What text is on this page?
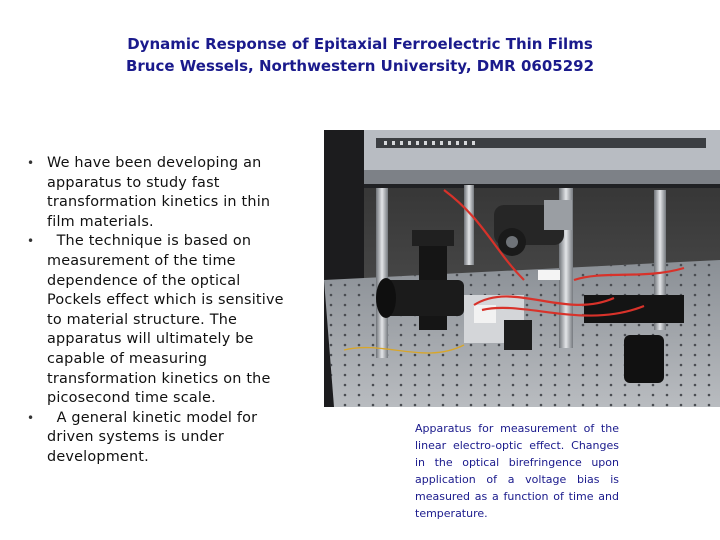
Dynamic Response of Epitaxial Ferroelectric Thin Films
Bruce Wessels, Northwestern University, DMR 0605292
• We have been developing an apparatus to study fast transformation kinetics in thin film materials.
• The technique is based on measurement of the time dependence of the optical Pockels effect which is sensitive to material structure. The apparatus will ultimately be capable of measuring transformation kinetics on the picosecond time scale.
• A general kinetic model for driven systems is under development.

Apparatus for measurement of the linear electro-optic effect. Changes in the optical birefringence upon application of a voltage bias is measured as a function of time and temperature.
